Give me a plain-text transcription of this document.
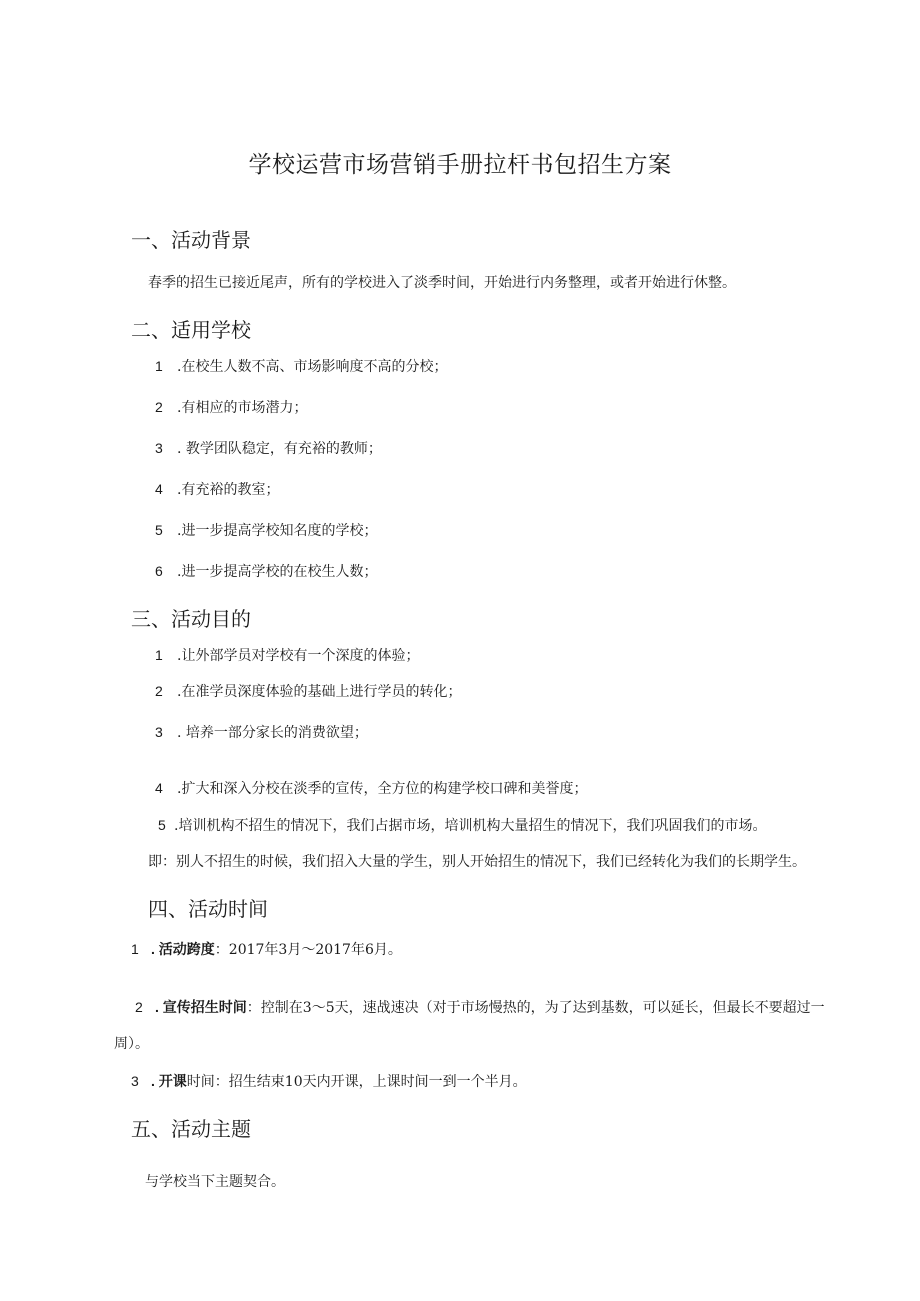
学校运营市场营销手册拉杆书包招生方案
一、活动背景
春季的招生已接近尾声，所有的学校进入了淡季时间，开始进行内务整理，或者开始进行休整。
二、适用学校
1 .在校生人数不高、市场影响度不高的分校；
2 .有相应的市场潜力；
3 . 教学团队稳定，有充裕的教师；
4 .有充裕的教室；
5 .进一步提高学校知名度的学校；
6 .进一步提高学校的在校生人数；
三、活动目的
1 .让外部学员对学校有一个深度的体验；
2 .在准学员深度体验的基础上进行学员的转化；
3 . 培养一部分家长的消费欲望；
4 .扩大和深入分校在淡季的宣传，全方位的构建学校口碑和美誉度；
5 .培训机构不招生的情况下，我们占据市场，培训机构大量招生的情况下，我们巩固我们的市场。
即：别人不招生的时候，我们招入大量的学生，别人开始招生的情况下，我们已经转化为我们的长期学生。
四、活动时间
1 . 活动跨度：2017年3月～2017年6月。
2 . 宣传招生时间：控制在3～5天，速战速决（对于市场慢热的，为了达到基数，可以延长，但最长不要超过一
周）。
3 . 开课时间：招生结束10天内开课，上课时间一到一个半月。
五、活动主题
与学校当下主题契合。
